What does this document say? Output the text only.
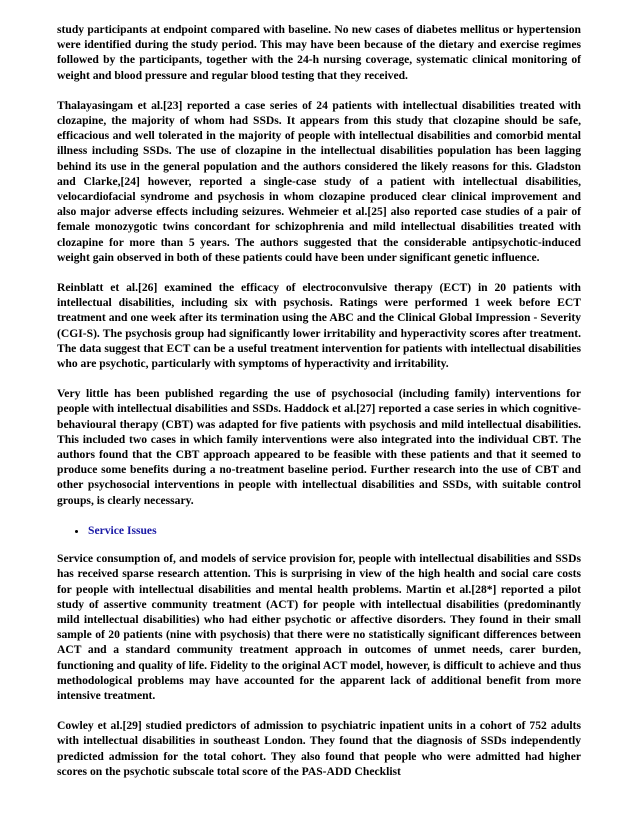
study participants at endpoint compared with baseline. No new cases of diabetes mellitus or hypertension were identified during the study period. This may have been because of the dietary and exercise regimes followed by the participants, together with the 24-h nursing coverage, systematic clinical monitoring of weight and blood pressure and regular blood testing that they received.

Thalayasingam et al.[23] reported a case series of 24 patients with intellectual disabilities treated with clozapine, the majority of whom had SSDs. It appears from this study that clozapine should be safe, efficacious and well tolerated in the majority of people with intellectual disabilities and comorbid mental illness including SSDs. The use of clozapine in the intellectual disabilities population has been lagging behind its use in the general population and the authors considered the likely reasons for this. Gladston and Clarke,[24] however, reported a single-case study of a patient with intellectual disabilities, velocardiofacial syndrome and psychosis in whom clozapine produced clear clinical improvement and also major adverse effects including seizures. Wehmeier et al.[25] also reported case studies of a pair of female monozygotic twins concordant for schizophrenia and mild intellectual disabilities treated with clozapine for more than 5 years. The authors suggested that the considerable antipsychotic-induced weight gain observed in both of these patients could have been under significant genetic influence.

Reinblatt et al.[26] examined the efficacy of electroconvulsive therapy (ECT) in 20 patients with intellectual disabilities, including six with psychosis. Ratings were performed 1 week before ECT treatment and one week after its termination using the ABC and the Clinical Global Impression - Severity (CGI-S). The psychosis group had significantly lower irritability and hyperactivity scores after treatment. The data suggest that ECT can be a useful treatment intervention for patients with intellectual disabilities who are psychotic, particularly with symptoms of hyperactivity and irritability.

Very little has been published regarding the use of psychosocial (including family) interventions for people with intellectual disabilities and SSDs. Haddock et al.[27] reported a case series in which cognitive-behavioural therapy (CBT) was adapted for five patients with psychosis and mild intellectual disabilities. This included two cases in which family interventions were also integrated into the individual CBT. The authors found that the CBT approach appeared to be feasible with these patients and that it seemed to produce some benefits during a no-treatment baseline period. Further research into the use of CBT and other psychosocial interventions in people with intellectual disabilities and SSDs, with suitable control groups, is clearly necessary.

• Service Issues

Service consumption of, and models of service provision for, people with intellectual disabilities and SSDs has received sparse research attention. This is surprising in view of the high health and social care costs for people with intellectual disabilities and mental health problems. Martin et al.[28*] reported a pilot study of assertive community treatment (ACT) for people with intellectual disabilities (predominantly mild intellectual disabilities) who had either psychotic or affective disorders. They found in their small sample of 20 patients (nine with psychosis) that there were no statistically significant differences between ACT and a standard community treatment approach in outcomes of unmet needs, carer burden, functioning and quality of life. Fidelity to the original ACT model, however, is difficult to achieve and thus methodological problems may have accounted for the apparent lack of additional benefit from more intensive treatment.

Cowley et al.[29] studied predictors of admission to psychiatric inpatient units in a cohort of 752 adults with intellectual disabilities in southeast London. They found that the diagnosis of SSDs independently predicted admission for the total cohort. They also found that people who were admitted had higher scores on the psychotic subscale total score of the PAS-ADD Checklist
